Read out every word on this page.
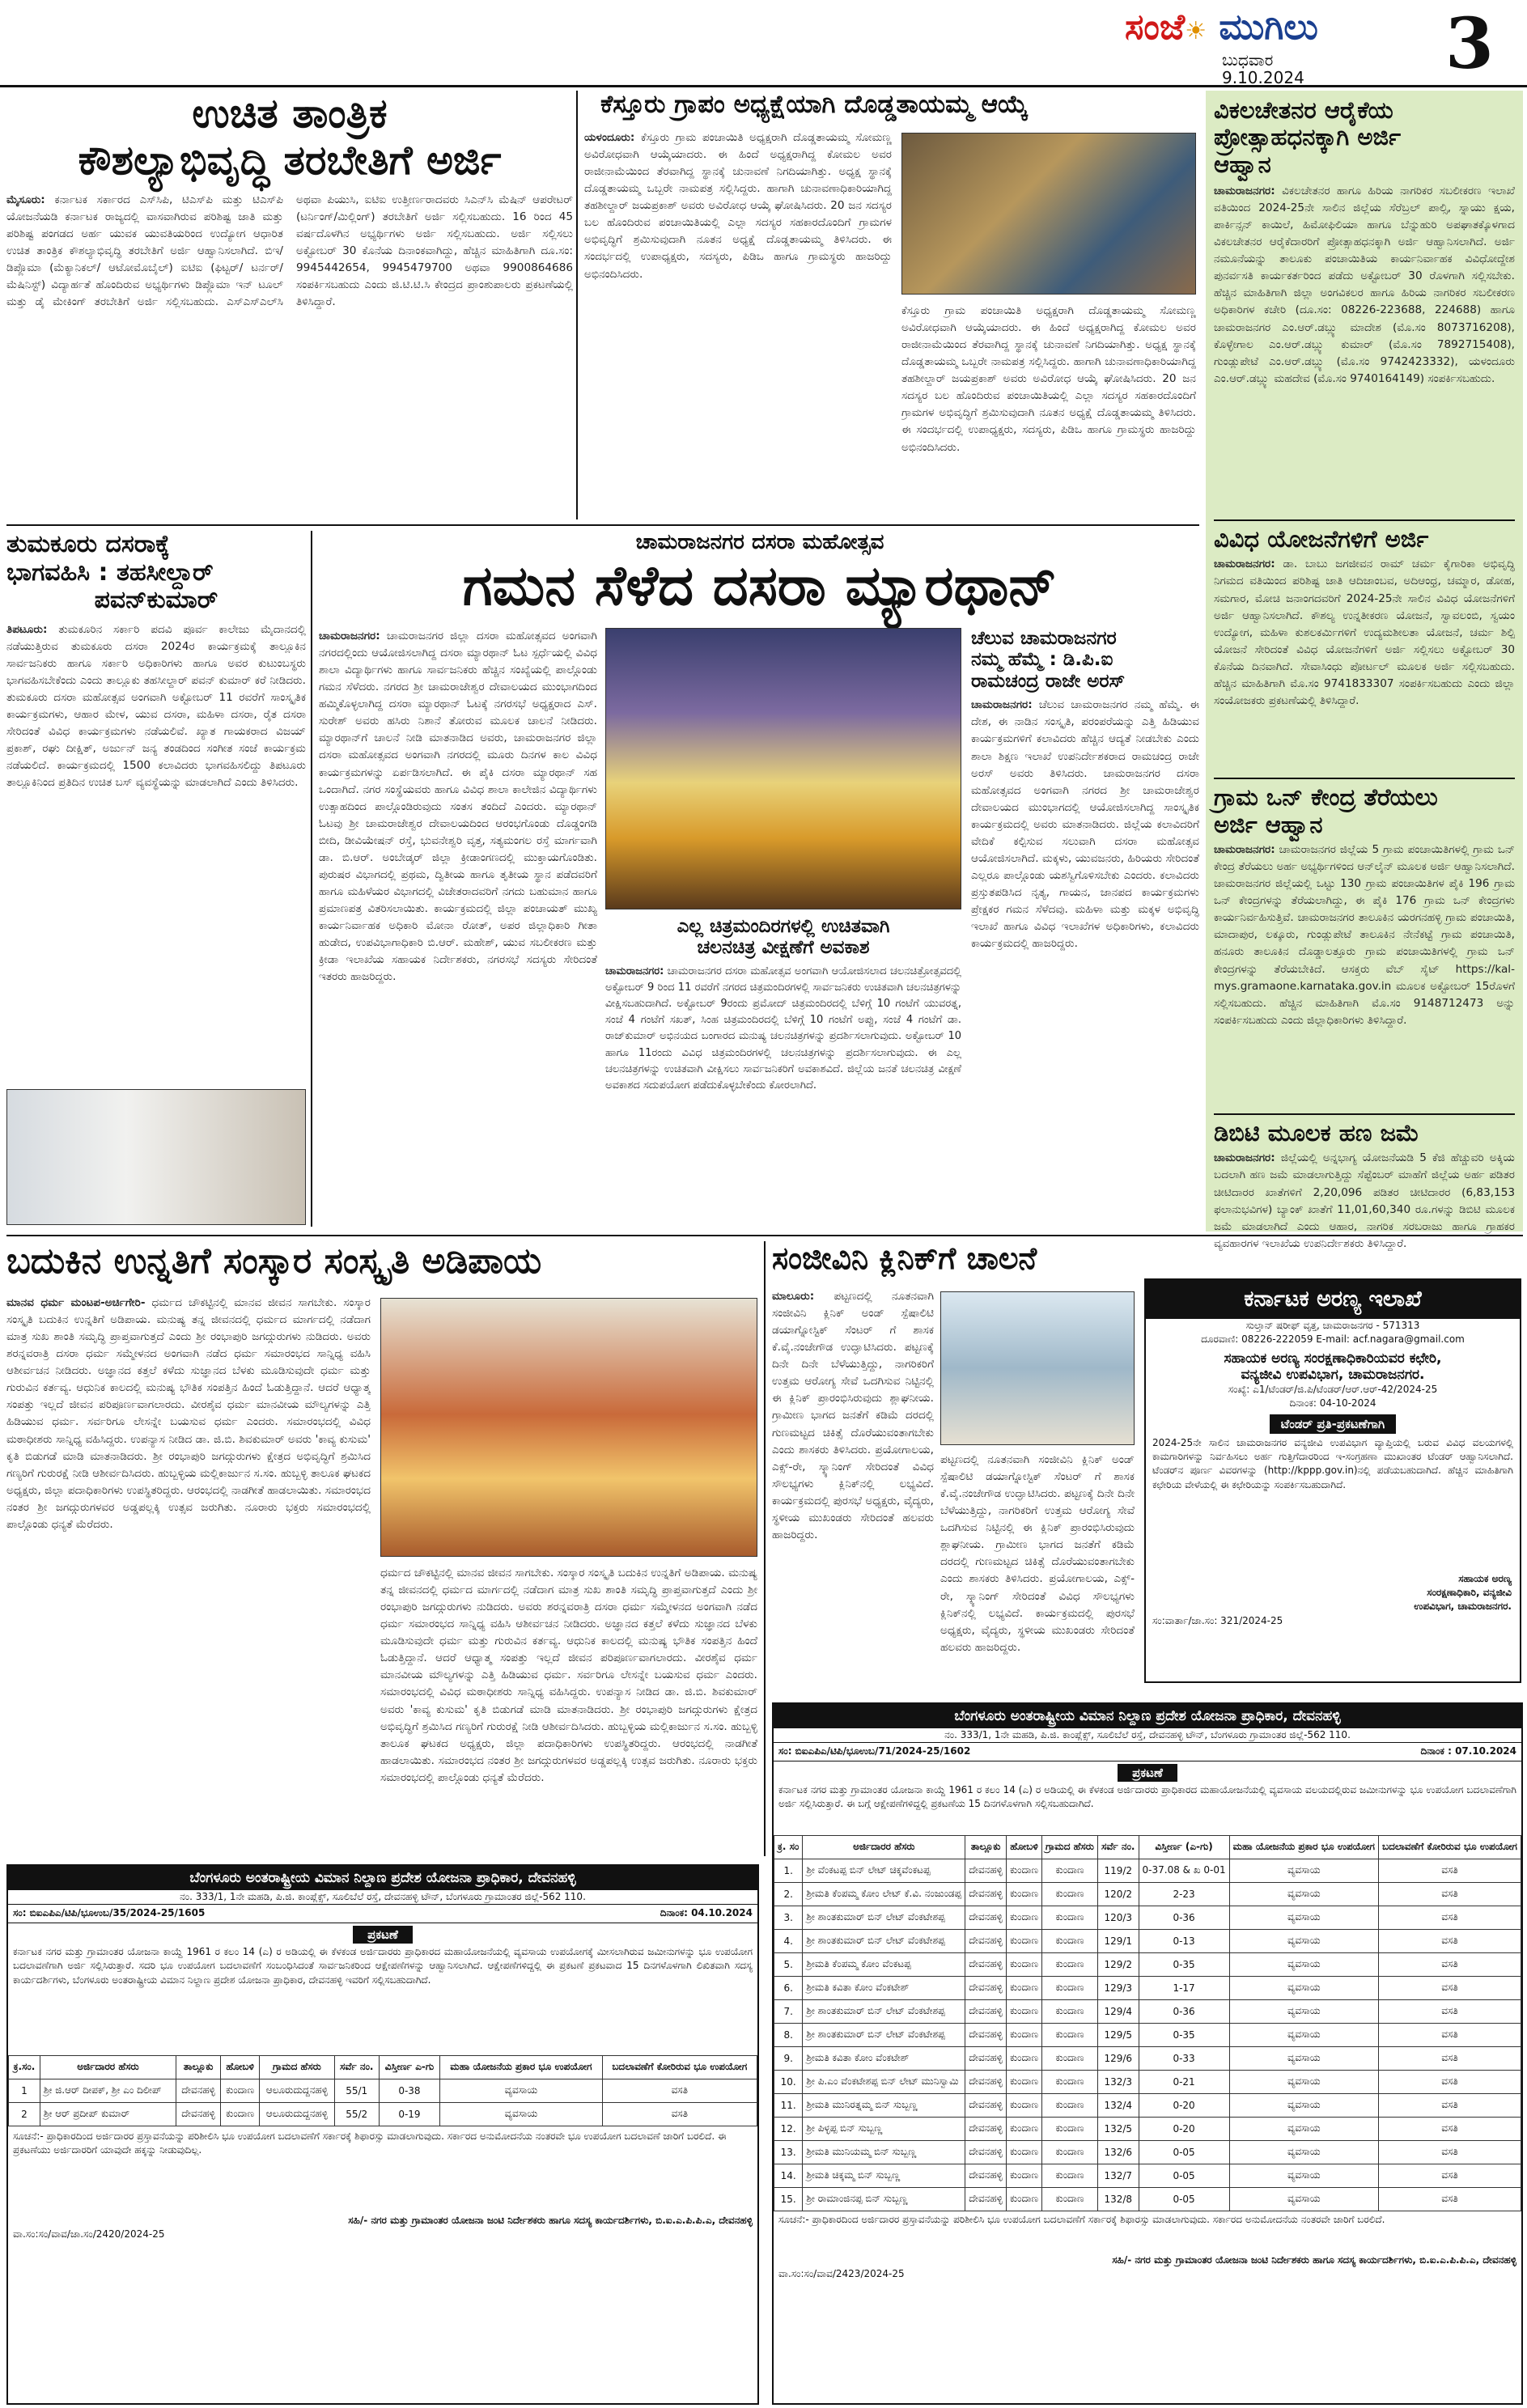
ಸಂಜೆ☀ ಮುಗಿಲು
ಬುಧವಾರ
9.10.2024 3
ಉಚಿತ ತಾಂತ್ರಿಕ
ಕೌಶಲ್ಯಾಭಿವೃದ್ಧಿ ತರಬೇತಿಗೆ ಅರ್ಜಿ
ಮೈಸೂರು: ಕರ್ನಾಟಕ ಸರ್ಕಾರದ ಎಸ್‌ಸಿಪಿ, ಟಿಎಸ್‌ಪಿ ಮತ್ತು ಟಿಎಸ್‌ಪಿ ಯೋಜನೆಯಡಿ ಕರ್ನಾಟಕ ರಾಜ್ಯದಲ್ಲಿ ವಾಸವಾಗಿರುವ ಪರಿಶಿಷ್ಟ ಜಾತಿ ಮತ್ತು ಪರಿಶಿಷ್ಟ ಪಂಗಡದ ಅರ್ಹ ಯುವಕ ಯುವತಿಯರಿಂದ ಉದ್ಯೋಗ ಆಧಾರಿತ ಉಚಿತ ತಾಂತ್ರಿಕ ಕೌಶಲ್ಯಾಭಿವೃದ್ಧಿ ತರಬೇತಿಗೆ ಅರ್ಜಿ ಆಹ್ವಾನಿಸಲಾಗಿದೆ. ಬಿಇ/ ಡಿಪ್ಲೊಮಾ (ಮೆಕ್ಯಾನಿಕಲ್/ ಆಟೋಮೊಬೈಲ್) ಐಟಿಐ (ಫಿಟ್ಟರ್/ ಟರ್ನರ್/ ಮೆಷಿನಿಸ್ಟ್) ವಿದ್ಯಾರ್ಹತೆ ಹೊಂದಿರುವ ಅಭ್ಯರ್ಥಿಗಳು ಡಿಪ್ಲೊಮಾ ಇನ್ ಟೂಲ್ ಮತ್ತು ಡೈ ಮೇಕಿಂಗ್ ತರಬೇತಿಗೆ ಅರ್ಜಿ ಸಲ್ಲಿಸಬಹುದು. ಎಸ್‌ಎಸ್‌ಎಲ್‌ಸಿ ಅಥವಾ ಪಿಯುಸಿ, ಐಟಿಐ ಉತ್ತೀರ್ಣರಾದವರು ಸಿಎನ್‌ಸಿ ಮೆಷಿನ್ ಆಪರೇಟರ್ (ಟರ್ನಿಂಗ್/ಮಿಲ್ಲಿಂಗ್) ತರಬೇತಿಗೆ ಅರ್ಜಿ ಸಲ್ಲಿಸಬಹುದು. 16 ರಿಂದ 45 ವರ್ಷದೊಳಗಿನ ಅಭ್ಯರ್ಥಿಗಳು ಅರ್ಜಿ ಸಲ್ಲಿಸಬಹುದು. ಅರ್ಜಿ ಸಲ್ಲಿಸಲು ಅಕ್ಟೋಬರ್ 30 ಕೊನೆಯ ದಿನಾಂಕವಾಗಿದ್ದು, ಹೆಚ್ಚಿನ ಮಾಹಿತಿಗಾಗಿ ದೂ.ಸಂ: 9945442654, 9945479700 ಅಥವಾ 9900864686 ಸಂಪರ್ಕಿಸಬಹುದು ಎಂದು ಜಿ.ಟಿ.ಟಿ.ಸಿ ಕೇಂದ್ರದ ಪ್ರಾಂಶುಪಾಲರು ಪ್ರಕಟಣೆಯಲ್ಲಿ ತಿಳಿಸಿದ್ದಾರೆ.
ಕೆಸ್ತೂರು ಗ್ರಾಪಂ ಅಧ್ಯಕ್ಷೆಯಾಗಿ ದೊಡ್ಡತಾಯಮ್ಮ ಆಯ್ಕೆ
ಯಳಂದೂರು: ಕೆಸ್ತೂರು ಗ್ರಾಮ ಪಂಚಾಯಿತಿ ಅಧ್ಯಕ್ಷರಾಗಿ ದೊಡ್ಡತಾಯಮ್ಮ ಸೋಮಣ್ಣ ಅವಿರೋಧವಾಗಿ ಆಯ್ಕೆಯಾದರು. ಈ ಹಿಂದೆ ಅಧ್ಯಕ್ಷರಾಗಿದ್ದ ಕೋಮಲ ಅವರ ರಾಜೀನಾಮೆಯಿಂದ ತೆರವಾಗಿದ್ದ ಸ್ಥಾನಕ್ಕೆ ಚುನಾವಣೆ ನಿಗದಿಯಾಗಿತ್ತು. ಅಧ್ಯಕ್ಷ ಸ್ಥಾನಕ್ಕೆ ದೊಡ್ಡತಾಯಮ್ಮ ಒಬ್ಬರೇ ನಾಮಪತ್ರ ಸಲ್ಲಿಸಿದ್ದರು. ಹಾಗಾಗಿ ಚುನಾವಣಾಧಿಕಾರಿಯಾಗಿದ್ದ ತಹಶೀಲ್ದಾರ್ ಜಯಪ್ರಕಾಶ್ ಅವರು ಅವಿರೋಧ ಆಯ್ಕೆ ಘೋಷಿಸಿದರು. 20 ಜನ ಸದಸ್ಯರ ಬಲ ಹೊಂದಿರುವ ಪಂಚಾಯಿತಿಯಲ್ಲಿ ಎಲ್ಲಾ ಸದಸ್ಯರ ಸಹಕಾರದೊಂದಿಗೆ ಗ್ರಾಮಗಳ ಅಭಿವೃದ್ಧಿಗೆ ಶ್ರಮಿಸುವುದಾಗಿ ನೂತನ ಅಧ್ಯಕ್ಷೆ ದೊಡ್ಡತಾಯಮ್ಮ ತಿಳಿಸಿದರು. ಈ ಸಂದರ್ಭದಲ್ಲಿ ಉಪಾಧ್ಯಕ್ಷರು, ಸದಸ್ಯರು, ಪಿಡಿಒ ಹಾಗೂ ಗ್ರಾಮಸ್ಥರು ಹಾಜರಿದ್ದು ಅಭಿನಂದಿಸಿದರು.
ಕೆಸ್ತೂರು ಗ್ರಾಮ ಪಂಚಾಯಿತಿ ಅಧ್ಯಕ್ಷರಾಗಿ ದೊಡ್ಡತಾಯಮ್ಮ ಸೋಮಣ್ಣ ಅವಿರೋಧವಾಗಿ ಆಯ್ಕೆಯಾದರು. ಈ ಹಿಂದೆ ಅಧ್ಯಕ್ಷರಾಗಿದ್ದ ಕೋಮಲ ಅವರ ರಾಜೀನಾಮೆಯಿಂದ ತೆರವಾಗಿದ್ದ ಸ್ಥಾನಕ್ಕೆ ಚುನಾವಣೆ ನಿಗದಿಯಾಗಿತ್ತು. ಅಧ್ಯಕ್ಷ ಸ್ಥಾನಕ್ಕೆ ದೊಡ್ಡತಾಯಮ್ಮ ಒಬ್ಬರೇ ನಾಮಪತ್ರ ಸಲ್ಲಿಸಿದ್ದರು. ಹಾಗಾಗಿ ಚುನಾವಣಾಧಿಕಾರಿಯಾಗಿದ್ದ ತಹಶೀಲ್ದಾರ್ ಜಯಪ್ರಕಾಶ್ ಅವರು ಅವಿರೋಧ ಆಯ್ಕೆ ಘೋಷಿಸಿದರು. 20 ಜನ ಸದಸ್ಯರ ಬಲ ಹೊಂದಿರುವ ಪಂಚಾಯಿತಿಯಲ್ಲಿ ಎಲ್ಲಾ ಸದಸ್ಯರ ಸಹಕಾರದೊಂದಿಗೆ ಗ್ರಾಮಗಳ ಅಭಿವೃದ್ಧಿಗೆ ಶ್ರಮಿಸುವುದಾಗಿ ನೂತನ ಅಧ್ಯಕ್ಷೆ ದೊಡ್ಡತಾಯಮ್ಮ ತಿಳಿಸಿದರು. ಈ ಸಂದರ್ಭದಲ್ಲಿ ಉಪಾಧ್ಯಕ್ಷರು, ಸದಸ್ಯರು, ಪಿಡಿಒ ಹಾಗೂ ಗ್ರಾಮಸ್ಥರು ಹಾಜರಿದ್ದು ಅಭಿನಂದಿಸಿದರು.
ವಿಕಲಚೇತನರ ಆರೈಕೆಯ
ಪ್ರೋತ್ಸಾಹಧನಕ್ಕಾಗಿ ಅರ್ಜಿ
ಆಹ್ವಾನ
ಚಾಮರಾಜನಗರ: ವಿಕಲಚೇತನರ ಹಾಗೂ ಹಿರಿಯ ನಾಗರಿಕರ ಸಬಲೀಕರಣ ಇಲಾಖೆ ವತಿಯಿಂದ 2024-25ನೇ ಸಾಲಿನ ಜಿಲ್ಲೆಯ ಸೆರೆಬ್ರಲ್ ಪಾಲ್ಸಿ, ಸ್ನಾಯು ಕ್ಷಯ, ಪಾರ್ಕಿನ್ಸನ್ ಕಾಯಿಲೆ, ಹಿಮೋಫಿಲಿಯಾ ಹಾಗೂ ಬೆನ್ನುಹುರಿ ಅಪಘಾತಕ್ಕೊಳಗಾದ ವಿಕಲಚೇತನರ ಆರೈಕೆದಾರರಿಗೆ ಪ್ರೋತ್ಸಾಹಧನಕ್ಕಾಗಿ ಅರ್ಜಿ ಆಹ್ವಾನಿಸಲಾಗಿದೆ. ಅರ್ಜಿ ನಮೂನೆಯನ್ನು ತಾಲೂಕು ಪಂಚಾಯಿತಿಯ ಕಾರ್ಯನಿರ್ವಾಹಕ ವಿವಿಧೋದ್ದೇಶ ಪುನರ್ವಸತಿ ಕಾರ್ಯಕರ್ತರಿಂದ ಪಡೆದು ಅಕ್ಟೋಬರ್ 30 ರೊಳಗಾಗಿ ಸಲ್ಲಿಸಬೇಕು. ಹೆಚ್ಚಿನ ಮಾಹಿತಿಗಾಗಿ ಜಿಲ್ಲಾ ಅಂಗವಿಕಲರ ಹಾಗೂ ಹಿರಿಯ ನಾಗರಿಕರ ಸಬಲೀಕರಣ ಅಧಿಕಾರಿಗಳ ಕಚೇರಿ (ದೂ.ಸಂ: 08226-223688, 224688) ಹಾಗೂ ಚಾಮರಾಜನಗರ ಎಂ.ಆರ್.ಡಬ್ಲ್ಯು ಮಾದೇಶ (ಮೊ.ಸಂ 8073716208), ಕೊಳ್ಳೇಗಾಲ ಎಂ.ಆರ್.ಡಬ್ಲ್ಯು ಕುಮಾರ್ (ಮೊ.ಸಂ 7892715408), ಗುಂಡ್ಲುಪೇಟೆ ಎಂ.ಆರ್.ಡಬ್ಲ್ಯು (ಮೊ.ಸಂ 9742423332), ಯಳಂದೂರು ಎಂ.ಆರ್.ಡಬ್ಲ್ಯು ಮಹದೇವ (ಮೊ.ಸಂ 9740164149) ಸಂಪರ್ಕಿಸಬಹುದು.
ವಿವಿಧ ಯೋಜನೆಗಳಿಗೆ ಅರ್ಜಿ
ಚಾಮರಾಜನಗರ: ಡಾ. ಬಾಬು ಜಗಜೀವನ ರಾಮ್ ಚರ್ಮ ಕೈಗಾರಿಕಾ ಅಭಿವೃದ್ಧಿ ನಿಗಮದ ವತಿಯಿಂದ ಪರಿಶಿಷ್ಟ ಜಾತಿ ಆದಿಜಾಂಬವ, ಅದಿಆಂಧ್ರ, ಚಮ್ಮಾರ, ಡೋಹ, ಸಮಗಾರ, ಮೋಚಿ ಜನಾಂಗದವರಿಗೆ 2024-25ನೇ ಸಾಲಿನ ವಿವಿಧ ಯೋಜನೆಗಳಿಗೆ ಅರ್ಜಿ ಆಹ್ವಾನಿಸಲಾಗಿದೆ. ಕೌಶಲ್ಯ ಉನ್ನತೀಕರಣ ಯೋಜನೆ, ಸ್ವಾವಲಂಬಿ, ಸ್ವಯಂ ಉದ್ಯೋಗ, ಮಹಿಳಾ ಕುಶಲಕರ್ಮಿಗಳಿಗೆ ಉದ್ಯಮಶೀಲತಾ ಯೋಜನೆ, ಚರ್ಮ ಶಿಲ್ಪಿ ಯೋಜನೆ ಸೇರಿದಂತೆ ವಿವಿಧ ಯೋಜನೆಗಳಿಗೆ ಅರ್ಜಿ ಸಲ್ಲಿಸಲು ಅಕ್ಟೋಬರ್ 30 ಕೊನೆಯ ದಿನವಾಗಿದೆ. ಸೇವಾಸಿಂಧು ಪೋರ್ಟಲ್ ಮೂಲಕ ಅರ್ಜಿ ಸಲ್ಲಿಸಬಹುದು. ಹೆಚ್ಚಿನ ಮಾಹಿತಿಗಾಗಿ ಮೊ.ಸಂ 9741833307 ಸಂಪರ್ಕಿಸಬಹುದು ಎಂದು ಜಿಲ್ಲಾ ಸಂಯೋಜಕರು ಪ್ರಕಟಣೆಯಲ್ಲಿ ತಿಳಿಸಿದ್ದಾರೆ.
ಗ್ರಾಮ ಒನ್ ಕೇಂದ್ರ ತೆರೆಯಲು
ಅರ್ಜಿ ಆಹ್ವಾನ
ಚಾಮರಾಜನಗರ: ಚಾಮರಾಜನಗರ ಜಿಲ್ಲೆಯ 5 ಗ್ರಾಮ ಪಂಚಾಯಿತಿಗಳಲ್ಲಿ ಗ್ರಾಮ ಒನ್ ಕೇಂದ್ರ ತೆರೆಯಲು ಅರ್ಹ ಅಭ್ಯರ್ಥಿಗಳಿಂದ ಆನ್‌ಲೈನ್ ಮೂಲಕ ಅರ್ಜಿ ಆಹ್ವಾನಿಸಲಾಗಿದೆ. ಚಾಮರಾಜನಗರ ಜಿಲ್ಲೆಯಲ್ಲಿ ಒಟ್ಟು 130 ಗ್ರಾಮ ಪಂಚಾಯಿತಿಗಳ ಪೈಕಿ 196 ಗ್ರಾಮ ಒನ್ ಕೇಂದ್ರಗಳನ್ನು ತೆರೆಯಲಾಗಿದ್ದು, ಈ ಪೈಕಿ 176 ಗ್ರಾಮ ಒನ್ ಕೇಂದ್ರಗಳು ಕಾರ್ಯನಿರ್ವಹಿಸುತ್ತಿವೆ. ಚಾಮರಾಜನಗರ ತಾಲೂಕಿನ ಯರಗನಹಳ್ಳಿ ಗ್ರಾಮ ಪಂಚಾಯಿತಿ, ಮಾದಾಪುರ, ಲಕ್ಕೂರು, ಗುಂಡ್ಲುಪೇಟೆ ತಾಲೂಕಿನ ನೇನೆಕಟ್ಟೆ ಗ್ರಾಮ ಪಂಚಾಯಿತಿ, ಹನೂರು ತಾಲೂಕಿನ ದೊಡ್ಡಾಲತ್ತೂರು ಗ್ರಾಮ ಪಂಚಾಯಿತಿಗಳಲ್ಲಿ ಗ್ರಾಮ ಒನ್ ಕೇಂದ್ರಗಳನ್ನು ತೆರೆಯಬೇಕಿದೆ. ಆಸಕ್ತರು ವೆಬ್ ಸೈಟ್ https://kal-mys.gramaone.karnataka.gov.in ಮೂಲಕ ಅಕ್ಟೋಬರ್ 15ರೊಳಗೆ ಸಲ್ಲಿಸಬಹುದು. ಹೆಚ್ಚಿನ ಮಾಹಿತಿಗಾಗಿ ಮೊ.ಸಂ 9148712473 ಅನ್ನು ಸಂಪರ್ಕಿಸಬಹುದು ಎಂದು ಜಿಲ್ಲಾಧಿಕಾರಿಗಳು ತಿಳಿಸಿದ್ದಾರೆ.
ಡಿಬಿಟಿ ಮೂಲಕ ಹಣ ಜಮೆ
ಚಾಮರಾಜನಗರ: ಜಿಲ್ಲೆಯಲ್ಲಿ ಅನ್ನಭಾಗ್ಯ ಯೋಜನೆಯಡಿ 5 ಕೆಜಿ ಹೆಚ್ಚುವರಿ ಅಕ್ಕಿಯ ಬದಲಾಗಿ ಹಣ ಜಮೆ ಮಾಡಲಾಗುತ್ತಿದ್ದು ಸೆಪ್ಟೆಂಬರ್ ಮಾಹೆಗೆ ಜಿಲ್ಲೆಯ ಅರ್ಹ ಪಡಿತರ ಚೀಟಿದಾರರ ಖಾತೆಗಳಿಗೆ 2,20,096 ಪಡಿತರ ಚೀಟಿದಾರರ (6,83,153 ಫಲಾನುಭವಿಗಳ) ಬ್ಯಾಂಕ್ ಖಾತೆಗೆ 11,01,60,340 ರೂ.ಗಳನ್ನು ಡಿಬಿಟಿ ಮೂಲಕ ಜಮೆ ಮಾಡಲಾಗಿದೆ ಎಂದು ಆಹಾರ, ನಾಗರಿಕ ಸರಬರಾಜು ಹಾಗೂ ಗ್ರಾಹಕರ ವ್ಯವಹಾರಗಳ ಇಲಾಖೆಯ ಉಪನಿರ್ದೇಶಕರು ತಿಳಿಸಿದ್ದಾರೆ.
ತುಮಕೂರು ದಸರಾಕ್ಕೆ
ಭಾಗವಹಿಸಿ : ತಹಸೀಲ್ದಾರ್
ಪವನ್‌ಕುಮಾರ್
ತಿಪಟೂರು: ತುಮಕೂರಿನ ಸರ್ಕಾರಿ ಪದವಿ ಪೂರ್ವ ಕಾಲೇಜು ಮೈದಾನದಲ್ಲಿ ನಡೆಯುತ್ತಿರುವ ತುಮಕೂರು ದಸರಾ 2024ರ ಕಾರ್ಯಕ್ರಮಕ್ಕೆ ತಾಲ್ಲೂಕಿನ ಸಾರ್ವಜನಿಕರು ಹಾಗೂ ಸರ್ಕಾರಿ ಅಧಿಕಾರಿಗಳು ಹಾಗೂ ಅವರ ಕುಟುಂಬಸ್ಥರು ಭಾಗವಹಿಸಬೇಕೆಂದು ಎಂದು ತಾಲ್ಲೂಕು ತಹಸೀಲ್ದಾರ್ ಪವನ್ ಕುಮಾರ್ ಕರೆ ನೀಡಿದರು. ತುಮಕೂರು ದಸರಾ ಮಹೋತ್ಸವ ಅಂಗವಾಗಿ ಅಕ್ಟೋಬರ್ 11 ರವರೆಗೆ ಸಾಂಸ್ಕೃತಿಕ ಕಾರ್ಯಕ್ರಮಗಳು, ಆಹಾರ ಮೇಳ, ಯುವ ದಸರಾ, ಮಹಿಳಾ ದಸರಾ, ರೈತ ದಸರಾ ಸೇರಿದಂತೆ ವಿವಿಧ ಕಾರ್ಯಕ್ರಮಗಳು ನಡೆಯಲಿವೆ. ಖ್ಯಾತ ಗಾಯಕರಾದ ವಿಜಯ್ ಪ್ರಕಾಶ್, ರಘು ದೀಕ್ಷಿತ್, ಅರ್ಜುನ್ ಜನ್ಯ ತಂಡದಿಂದ ಸಂಗೀತ ಸಂಜೆ ಕಾರ್ಯಕ್ರಮ ನಡೆಯಲಿದೆ. ಕಾರ್ಯಕ್ರಮದಲ್ಲಿ 1500 ಕಲಾವಿದರು ಭಾಗವಹಿಸಲಿದ್ದು ತಿಪಟೂರು ತಾಲ್ಲೂಕಿನಿಂದ ಪ್ರತಿದಿನ ಉಚಿತ ಬಸ್ ವ್ಯವಸ್ಥೆಯನ್ನು ಮಾಡಲಾಗಿದೆ ಎಂದು ತಿಳಿಸಿದರು.
ಚಾಮರಾಜನಗರ ದಸರಾ ಮಹೋತ್ಸವ
ಗಮನ ಸೆಳೆದ ದಸರಾ ಮ್ಯಾರಥಾನ್
ಚಾಮರಾಜನಗರ: ಚಾಮರಾಜನಗರ ಜಿಲ್ಲಾ ದಸರಾ ಮಹೋತ್ಸವದ ಅಂಗವಾಗಿ ನಗರದಲ್ಲಿಂದು ಆಯೋಜಿಸಲಾಗಿದ್ದ ದಸರಾ ಮ್ಯಾರಥಾನ್ ಓಟ ಸ್ಪರ್ಧೆಯಲ್ಲಿ ವಿವಿಧ ಶಾಲಾ ವಿದ್ಯಾರ್ಥಿಗಳು ಹಾಗೂ ಸಾರ್ವಜನಿಕರು ಹೆಚ್ಚಿನ ಸಂಖ್ಯೆಯಲ್ಲಿ ಪಾಲ್ಗೊಂಡು ಗಮನ ಸೆಳೆದರು. ನಗರದ ಶ್ರೀ ಚಾಮರಾಜೇಶ್ವರ ದೇವಾಲಯದ ಮುಂಭಾಗದಿಂದ ಹಮ್ಮಿಕೊಳ್ಳಲಾಗಿದ್ದ ದಸರಾ ಮ್ಯಾರಥಾನ್ ಓಟಕ್ಕೆ ನಗರಸಭೆ ಅಧ್ಯಕ್ಷರಾದ ಎಸ್. ಸುರೇಶ್ ಅವರು ಹಸಿರು ನಿಶಾನೆ ತೋರುವ ಮೂಲಕ ಚಾಲನೆ ನೀಡಿದರು. ಮ್ಯಾರಥಾನ್‌ಗೆ ಚಾಲನೆ ನೀಡಿ ಮಾತನಾಡಿದ ಅವರು, ಚಾಮರಾಜನಗರ ಜಿಲ್ಲಾ ದಸರಾ ಮಹೋತ್ಸವದ ಅಂಗವಾಗಿ ನಗರದಲ್ಲಿ ಮೂರು ದಿನಗಳ ಕಾಲ ವಿವಿಧ ಕಾರ್ಯಕ್ರಮಗಳನ್ನು ಏರ್ಪಡಿಸಲಾಗಿದೆ. ಈ ಪೈಕಿ ದಸರಾ ಮ್ಯಾರಥಾನ್ ಸಹ ಒಂದಾಗಿದೆ. ನಗರ ಸಂಸ್ಥೆಯವರು ಹಾಗೂ ವಿವಿಧ ಶಾಲಾ ಕಾಲೇಜಿನ ವಿದ್ಯಾರ್ಥಿಗಳು ಉತ್ಸಾಹದಿಂದ ಪಾಲ್ಗೊಂಡಿರುವುದು ಸಂತಸ ತಂದಿದೆ ಎಂದರು. ಮ್ಯಾರಥಾನ್ ಓಟವು ಶ್ರೀ ಚಾಮರಾಜೇಶ್ವರ ದೇವಾಲಯದಿಂದ ಆರಂಭಗೊಂಡು ದೊಡ್ಡಂಗಡಿ ಬೀದಿ, ಡೀವಿಯೇಷನ್ ರಸ್ತೆ, ಭುವನೇಶ್ವರಿ ವೃತ್ತ, ಸತ್ಯಮಂಗಲ ರಸ್ತೆ ಮಾರ್ಗವಾಗಿ ಡಾ. ಬಿ.ಆರ್. ಅಂಬೇಡ್ಕರ್ ಜಿಲ್ಲಾ ಕ್ರೀಡಾಂಗಣದಲ್ಲಿ ಮುಕ್ತಾಯಗೊಂಡಿತು. ಪುರುಷರ ವಿಭಾಗದಲ್ಲಿ ಪ್ರಥಮ, ದ್ವಿತೀಯ ಹಾಗೂ ತೃತೀಯ ಸ್ಥಾನ ಪಡೆದವರಿಗೆ ಹಾಗೂ ಮಹಿಳೆಯರ ವಿಭಾಗದಲ್ಲಿ ವಿಜೇತರಾದವರಿಗೆ ನಗದು ಬಹುಮಾನ ಹಾಗೂ ಪ್ರಮಾಣಪತ್ರ ವಿತರಿಸಲಾಯಿತು. ಕಾರ್ಯಕ್ರಮದಲ್ಲಿ ಜಿಲ್ಲಾ ಪಂಚಾಯತ್ ಮುಖ್ಯ ಕಾರ್ಯನಿರ್ವಾಹಕ ಅಧಿಕಾರಿ ಮೋನಾ ರೋತ್, ಅಪರ ಜಿಲ್ಲಾಧಿಕಾರಿ ಗೀತಾ ಹುಡೇದ, ಉಪವಿಭಾಗಾಧಿಕಾರಿ ಬಿ.ಆರ್. ಮಹೇಶ್, ಯುವ ಸಬಲೀಕರಣ ಮತ್ತು ಕ್ರೀಡಾ ಇಲಾಖೆಯ ಸಹಾಯಕ ನಿರ್ದೇಶಕರು, ನಗರಸಭೆ ಸದಸ್ಯರು ಸೇರಿದಂತೆ ಇತರರು ಹಾಜರಿದ್ದರು.
ಎಲ್ಲ ಚಿತ್ರಮಂದಿರಗಳಲ್ಲಿ ಉಚಿತವಾಗಿ
ಚಲನಚಿತ್ರ ವೀಕ್ಷಣೆಗೆ ಅವಕಾಶ
ಚಾಮರಾಜನಗರ: ಚಾಮರಾಜನಗರ ದಸರಾ ಮಹೋತ್ಸವ ಅಂಗವಾಗಿ ಆಯೋಜಿಸಲಾದ ಚಲನಚಿತ್ರೋತ್ಸವದಲ್ಲಿ ಅಕ್ಟೋಬರ್ 9 ರಿಂದ 11 ರವರೆಗೆ ನಗರದ ಚಿತ್ರಮಂದಿರಗಳಲ್ಲಿ ಸಾರ್ವಜನಿಕರು ಉಚಿತವಾಗಿ ಚಲನಚಿತ್ರಗಳನ್ನು ವೀಕ್ಷಿಸಬಹುದಾಗಿದೆ. ಅಕ್ಟೋಬರ್ 9ರಂದು ಪ್ರಮೋದ್ ಚಿತ್ರಮಂದಿರದಲ್ಲಿ ಬೆಳಿಗ್ಗೆ 10 ಗಂಟೆಗೆ ಯುವರತ್ನ, ಸಂಜೆ 4 ಗಂಟೆಗೆ ಸಖತ್, ಸಿಂಹ ಚಿತ್ರಮಂದಿರದಲ್ಲಿ ಬೆಳಿಗ್ಗೆ 10 ಗಂಟೆಗೆ ಅಪ್ಪು, ಸಂಜೆ 4 ಗಂಟೆಗೆ ಡಾ. ರಾಜ್‌ಕುಮಾರ್ ಅಭಿನಯದ ಬಂಗಾರದ ಮನುಷ್ಯ ಚಲನಚಿತ್ರಗಳನ್ನು ಪ್ರದರ್ಶಿಸಲಾಗುವುದು. ಅಕ್ಟೋಬರ್ 10 ಹಾಗೂ 11ರಂದು ವಿವಿಧ ಚಿತ್ರಮಂದಿರಗಳಲ್ಲಿ ಚಲನಚಿತ್ರಗಳನ್ನು ಪ್ರದರ್ಶಿಸಲಾಗುವುದು. ಈ ಎಲ್ಲ ಚಲನಚಿತ್ರಗಳನ್ನು ಉಚಿತವಾಗಿ ವೀಕ್ಷಿಸಲು ಸಾರ್ವಜನಿಕರಿಗೆ ಅವಕಾಶವಿದೆ. ಜಿಲ್ಲೆಯ ಜನತೆ ಚಲನಚಿತ್ರ ವೀಕ್ಷಣೆ ಅವಕಾಶದ ಸದುಪಯೋಗ ಪಡೆದುಕೊಳ್ಳಬೇಕೆಂದು ಕೋರಲಾಗಿದೆ.
ಚೆಲುವ ಚಾಮರಾಜನಗರ
ನಮ್ಮ ಹೆಮ್ಮೆ : ಡಿ.ಪಿ.ಐ
ರಾಮಚಂದ್ರ ರಾಜೇ ಅರಸ್
ಚಾಮರಾಜನಗರ: ಚೆಲುವ ಚಾಮರಾಜನಗರ ನಮ್ಮ ಹೆಮ್ಮೆ. ಈ ದೇಶ, ಈ ನಾಡಿನ ಸಂಸ್ಕೃತಿ, ಪರಂಪರೆಯನ್ನು ಎತ್ತಿ ಹಿಡಿಯುವ ಕಾರ್ಯಕ್ರಮಗಳಿಗೆ ಕಲಾವಿದರು ಹೆಚ್ಚಿನ ಆದ್ಯತೆ ನೀಡಬೇಕು ಎಂದು ಶಾಲಾ ಶಿಕ್ಷಣ ಇಲಾಖೆ ಉಪನಿರ್ದೇಶಕರಾದ ರಾಮಚಂದ್ರ ರಾಜೇ ಅರಸ್ ಅವರು ತಿಳಿಸಿದರು. ಚಾಮರಾಜನಗರ ದಸರಾ ಮಹೋತ್ಸವದ ಅಂಗವಾಗಿ ನಗರದ ಶ್ರೀ ಚಾಮರಾಜೇಶ್ವರ ದೇವಾಲಯದ ಮುಂಭಾಗದಲ್ಲಿ ಆಯೋಜಿಸಲಾಗಿದ್ದ ಸಾಂಸ್ಕೃತಿಕ ಕಾರ್ಯಕ್ರಮದಲ್ಲಿ ಅವರು ಮಾತನಾಡಿದರು. ಜಿಲ್ಲೆಯ ಕಲಾವಿದರಿಗೆ ವೇದಿಕೆ ಕಲ್ಪಿಸುವ ಸಲುವಾಗಿ ದಸರಾ ಮಹೋತ್ಸವ ಆಯೋಜಿಸಲಾಗಿದೆ. ಮಕ್ಕಳು, ಯುವಜನರು, ಹಿರಿಯರು ಸೇರಿದಂತೆ ಎಲ್ಲರೂ ಪಾಲ್ಗೊಂಡು ಯಶಸ್ವಿಗೊಳಿಸಬೇಕು ಎಂದರು. ಕಲಾವಿದರು ಪ್ರಸ್ತುತಪಡಿಸಿದ ನೃತ್ಯ, ಗಾಯನ, ಜಾನಪದ ಕಾರ್ಯಕ್ರಮಗಳು ಪ್ರೇಕ್ಷಕರ ಗಮನ ಸೆಳೆದವು. ಮಹಿಳಾ ಮತ್ತು ಮಕ್ಕಳ ಅಭಿವೃದ್ಧಿ ಇಲಾಖೆ ಹಾಗೂ ವಿವಿಧ ಇಲಾಖೆಗಳ ಅಧಿಕಾರಿಗಳು, ಕಲಾವಿದರು ಕಾರ್ಯಕ್ರಮದಲ್ಲಿ ಹಾಜರಿದ್ದರು.
ಬದುಕಿನ ಉನ್ನತಿಗೆ ಸಂಸ್ಕಾರ ಸಂಸ್ಕೃತಿ ಅಡಿಪಾಯ
ಮಾನವ ಧರ್ಮ ಮಂಟಪ-ಅರ್ಚಿಗೇರಿ- ಧರ್ಮದ ಚೌಕಟ್ಟಿನಲ್ಲಿ ಮಾನವ ಜೀವನ ಸಾಗಬೇಕು. ಸಂಸ್ಕಾರ ಸಂಸ್ಕೃತಿ ಬದುಕಿನ ಉನ್ನತಿಗೆ ಅಡಿಪಾಯ. ಮನುಷ್ಯ ತನ್ನ ಜೀವನದಲ್ಲಿ ಧರ್ಮದ ಮಾರ್ಗದಲ್ಲಿ ನಡೆದಾಗ ಮಾತ್ರ ಸುಖ ಶಾಂತಿ ಸಮೃದ್ಧಿ ಪ್ರಾಪ್ತವಾಗುತ್ತದೆ ಎಂದು ಶ್ರೀ ರಂಭಾಪುರಿ ಜಗದ್ಗುರುಗಳು ನುಡಿದರು. ಅವರು ಶರನ್ನವರಾತ್ರಿ ದಸರಾ ಧರ್ಮ ಸಮ್ಮೇಳನದ ಅಂಗವಾಗಿ ನಡೆದ ಧರ್ಮ ಸಮಾರಂಭದ ಸಾನ್ನಿಧ್ಯ ವಹಿಸಿ ಆಶೀರ್ವಚನ ನೀಡಿದರು. ಅಜ್ಞಾನದ ಕತ್ತಲೆ ಕಳೆದು ಸುಜ್ಞಾನದ ಬೆಳಕು ಮೂಡಿಸುವುದೇ ಧರ್ಮ ಮತ್ತು ಗುರುವಿನ ಕರ್ತವ್ಯ. ಆಧುನಿಕ ಕಾಲದಲ್ಲಿ ಮನುಷ್ಯ ಭೌತಿಕ ಸಂಪತ್ತಿನ ಹಿಂದೆ ಓಡುತ್ತಿದ್ದಾನೆ. ಆದರೆ ಆಧ್ಯಾತ್ಮ ಸಂಪತ್ತು ಇಲ್ಲದೆ ಜೀವನ ಪರಿಪೂರ್ಣವಾಗಲಾರದು. ವೀರಶೈವ ಧರ್ಮ ಮಾನವೀಯ ಮೌಲ್ಯಗಳನ್ನು ಎತ್ತಿ ಹಿಡಿಯುವ ಧರ್ಮ. ಸರ್ವರಿಗೂ ಲೇಸನ್ನೇ ಬಯಸುವ ಧರ್ಮ ಎಂದರು. ಸಮಾರಂಭದಲ್ಲಿ ವಿವಿಧ ಮಠಾಧೀಶರು ಸಾನ್ನಿಧ್ಯ ವಹಿಸಿದ್ದರು. ಉಪನ್ಯಾಸ ನೀಡಿದ ಡಾ. ಜಿ.ಬಿ. ಶಿವಕುಮಾರ್ ಅವರು 'ಕಾವ್ಯ ಕುಸುಮ' ಕೃತಿ ಬಿಡುಗಡೆ ಮಾಡಿ ಮಾತನಾಡಿದರು. ಶ್ರೀ ರಂಭಾಪುರಿ ಜಗದ್ಗುರುಗಳು ಕ್ಷೇತ್ರದ ಅಭಿವೃದ್ಧಿಗೆ ಶ್ರಮಿಸಿದ ಗಣ್ಯರಿಗೆ ಗುರುರಕ್ಷೆ ನೀಡಿ ಆಶೀರ್ವದಿಸಿದರು. ಹುಬ್ಬಳ್ಳಿಯ ಮಲ್ಲಿಕಾರ್ಜುನ ಸ.ಸಂ. ಹುಬ್ಬಳ್ಳಿ ತಾಲೂಕ ಘಟಕದ ಅಧ್ಯಕ್ಷರು, ಜಿಲ್ಲಾ ಪದಾಧಿಕಾರಿಗಳು ಉಪಸ್ಥಿತರಿದ್ದರು. ಆರಂಭದಲ್ಲಿ ನಾಡಗೀತೆ ಹಾಡಲಾಯಿತು. ಸಮಾರಂಭದ ನಂತರ ಶ್ರೀ ಜಗದ್ಗುರುಗಳವರ ಅಡ್ಡಪಲ್ಲಕ್ಕಿ ಉತ್ಸವ ಜರುಗಿತು. ನೂರಾರು ಭಕ್ತರು ಸಮಾರಂಭದಲ್ಲಿ ಪಾಲ್ಗೊಂಡು ಧನ್ಯತೆ ಮೆರೆದರು.
ಧರ್ಮದ ಚೌಕಟ್ಟಿನಲ್ಲಿ ಮಾನವ ಜೀವನ ಸಾಗಬೇಕು. ಸಂಸ್ಕಾರ ಸಂಸ್ಕೃತಿ ಬದುಕಿನ ಉನ್ನತಿಗೆ ಅಡಿಪಾಯ. ಮನುಷ್ಯ ತನ್ನ ಜೀವನದಲ್ಲಿ ಧರ್ಮದ ಮಾರ್ಗದಲ್ಲಿ ನಡೆದಾಗ ಮಾತ್ರ ಸುಖ ಶಾಂತಿ ಸಮೃದ್ಧಿ ಪ್ರಾಪ್ತವಾಗುತ್ತದೆ ಎಂದು ಶ್ರೀ ರಂಭಾಪುರಿ ಜಗದ್ಗುರುಗಳು ನುಡಿದರು. ಅವರು ಶರನ್ನವರಾತ್ರಿ ದಸರಾ ಧರ್ಮ ಸಮ್ಮೇಳನದ ಅಂಗವಾಗಿ ನಡೆದ ಧರ್ಮ ಸಮಾರಂಭದ ಸಾನ್ನಿಧ್ಯ ವಹಿಸಿ ಆಶೀರ್ವಚನ ನೀಡಿದರು. ಅಜ್ಞಾನದ ಕತ್ತಲೆ ಕಳೆದು ಸುಜ್ಞಾನದ ಬೆಳಕು ಮೂಡಿಸುವುದೇ ಧರ್ಮ ಮತ್ತು ಗುರುವಿನ ಕರ್ತವ್ಯ. ಆಧುನಿಕ ಕಾಲದಲ್ಲಿ ಮನುಷ್ಯ ಭೌತಿಕ ಸಂಪತ್ತಿನ ಹಿಂದೆ ಓಡುತ್ತಿದ್ದಾನೆ. ಆದರೆ ಆಧ್ಯಾತ್ಮ ಸಂಪತ್ತು ಇಲ್ಲದೆ ಜೀವನ ಪರಿಪೂರ್ಣವಾಗಲಾರದು. ವೀರಶೈವ ಧರ್ಮ ಮಾನವೀಯ ಮೌಲ್ಯಗಳನ್ನು ಎತ್ತಿ ಹಿಡಿಯುವ ಧರ್ಮ. ಸರ್ವರಿಗೂ ಲೇಸನ್ನೇ ಬಯಸುವ ಧರ್ಮ ಎಂದರು. ಸಮಾರಂಭದಲ್ಲಿ ವಿವಿಧ ಮಠಾಧೀಶರು ಸಾನ್ನಿಧ್ಯ ವಹಿಸಿದ್ದರು. ಉಪನ್ಯಾಸ ನೀಡಿದ ಡಾ. ಜಿ.ಬಿ. ಶಿವಕುಮಾರ್ ಅವರು 'ಕಾವ್ಯ ಕುಸುಮ' ಕೃತಿ ಬಿಡುಗಡೆ ಮಾಡಿ ಮಾತನಾಡಿದರು. ಶ್ರೀ ರಂಭಾಪುರಿ ಜಗದ್ಗುರುಗಳು ಕ್ಷೇತ್ರದ ಅಭಿವೃದ್ಧಿಗೆ ಶ್ರಮಿಸಿದ ಗಣ್ಯರಿಗೆ ಗುರುರಕ್ಷೆ ನೀಡಿ ಆಶೀರ್ವದಿಸಿದರು. ಹುಬ್ಬಳ್ಳಿಯ ಮಲ್ಲಿಕಾರ್ಜುನ ಸ.ಸಂ. ಹುಬ್ಬಳ್ಳಿ ತಾಲೂಕ ಘಟಕದ ಅಧ್ಯಕ್ಷರು, ಜಿಲ್ಲಾ ಪದಾಧಿಕಾರಿಗಳು ಉಪಸ್ಥಿತರಿದ್ದರು. ಆರಂಭದಲ್ಲಿ ನಾಡಗೀತೆ ಹಾಡಲಾಯಿತು. ಸಮಾರಂಭದ ನಂತರ ಶ್ರೀ ಜಗದ್ಗುರುಗಳವರ ಅಡ್ಡಪಲ್ಲಕ್ಕಿ ಉತ್ಸವ ಜರುಗಿತು. ನೂರಾರು ಭಕ್ತರು ಸಮಾರಂಭದಲ್ಲಿ ಪಾಲ್ಗೊಂಡು ಧನ್ಯತೆ ಮೆರೆದರು.
ಸಂಜೀವಿನಿ ಕ್ಲಿನಿಕ್‌ಗೆ ಚಾಲನೆ
ಮಾಲೂರು: ಪಟ್ಟಣದಲ್ಲಿ ನೂತನವಾಗಿ ಸಂಜೀವಿನಿ ಕ್ಲಿನಿಕ್ ಅಂಡ್ ಸ್ಪೆಷಾಲಿಟಿ ಡಯಾಗ್ನೋಸ್ಟಿಕ್ ಸೆಂಟರ್ ಗೆ ಶಾಸಕ ಕೆ.ವೈ.ನಂಜೇಗೌಡ ಉದ್ಘಾಟಿಸಿದರು. ಪಟ್ಟಣಕ್ಕೆ ದಿನೇ ದಿನೇ ಬೆಳೆಯುತ್ತಿದ್ದು, ನಾಗರಿಕರಿಗೆ ಉತ್ತಮ ಆರೋಗ್ಯ ಸೇವೆ ಒದಗಿಸುವ ನಿಟ್ಟಿನಲ್ಲಿ ಈ ಕ್ಲಿನಿಕ್ ಪ್ರಾರಂಭಿಸಿರುವುದು ಶ್ಲಾಘನೀಯ. ಗ್ರಾಮೀಣ ಭಾಗದ ಜನತೆಗೆ ಕಡಿಮೆ ದರದಲ್ಲಿ ಗುಣಮಟ್ಟದ ಚಿಕಿತ್ಸೆ ದೊರೆಯುವಂತಾಗಬೇಕು ಎಂದು ಶಾಸಕರು ತಿಳಿಸಿದರು. ಪ್ರಯೋಗಾಲಯ, ಎಕ್ಸ್-ರೇ, ಸ್ಕ್ಯಾನಿಂಗ್ ಸೇರಿದಂತೆ ವಿವಿಧ ಸೌಲಭ್ಯಗಳು ಕ್ಲಿನಿಕ್‌ನಲ್ಲಿ ಲಭ್ಯವಿದೆ. ಕಾರ್ಯಕ್ರಮದಲ್ಲಿ ಪುರಸಭೆ ಅಧ್ಯಕ್ಷರು, ವೈದ್ಯರು, ಸ್ಥಳೀಯ ಮುಖಂಡರು ಸೇರಿದಂತೆ ಹಲವರು ಹಾಜರಿದ್ದರು.
ಪಟ್ಟಣದಲ್ಲಿ ನೂತನವಾಗಿ ಸಂಜೀವಿನಿ ಕ್ಲಿನಿಕ್ ಅಂಡ್ ಸ್ಪೆಷಾಲಿಟಿ ಡಯಾಗ್ನೋಸ್ಟಿಕ್ ಸೆಂಟರ್ ಗೆ ಶಾಸಕ ಕೆ.ವೈ.ನಂಜೇಗೌಡ ಉದ್ಘಾಟಿಸಿದರು. ಪಟ್ಟಣಕ್ಕೆ ದಿನೇ ದಿನೇ ಬೆಳೆಯುತ್ತಿದ್ದು, ನಾಗರಿಕರಿಗೆ ಉತ್ತಮ ಆರೋಗ್ಯ ಸೇವೆ ಒದಗಿಸುವ ನಿಟ್ಟಿನಲ್ಲಿ ಈ ಕ್ಲಿನಿಕ್ ಪ್ರಾರಂಭಿಸಿರುವುದು ಶ್ಲಾಘನೀಯ. ಗ್ರಾಮೀಣ ಭಾಗದ ಜನತೆಗೆ ಕಡಿಮೆ ದರದಲ್ಲಿ ಗುಣಮಟ್ಟದ ಚಿಕಿತ್ಸೆ ದೊರೆಯುವಂತಾಗಬೇಕು ಎಂದು ಶಾಸಕರು ತಿಳಿಸಿದರು. ಪ್ರಯೋಗಾಲಯ, ಎಕ್ಸ್-ರೇ, ಸ್ಕ್ಯಾನಿಂಗ್ ಸೇರಿದಂತೆ ವಿವಿಧ ಸೌಲಭ್ಯಗಳು ಕ್ಲಿನಿಕ್‌ನಲ್ಲಿ ಲಭ್ಯವಿದೆ. ಕಾರ್ಯಕ್ರಮದಲ್ಲಿ ಪುರಸಭೆ ಅಧ್ಯಕ್ಷರು, ವೈದ್ಯರು, ಸ್ಥಳೀಯ ಮುಖಂಡರು ಸೇರಿದಂತೆ ಹಲವರು ಹಾಜರಿದ್ದರು.
ಕರ್ನಾಟಕ ಅರಣ್ಯ ಇಲಾಖೆ
ಸುಲ್ತಾನ್ ಷರೀಫ್ ವೃತ್ತ, ಚಾಮರಾಜನಗರ - 571313
ದೂರವಾಣಿ: 08226-222059 E-mail: acf.nagara@gmail.com
ಸಹಾಯಕ ಅರಣ್ಯ ಸಂರಕ್ಷಣಾಧಿಕಾರಿಯವರ ಕಛೇರಿ,
ವನ್ಯಜೀವಿ ಉಪವಿಭಾಗ, ಚಾಮರಾಜನಗರ.
ಸಂಖ್ಯೆ: ಎ1/ಟೆಂಡರ್/ಜಿ.ಪಿ/ಟೆಂಡರ್/ಆರ್.ಆರ್-42/2024-25
ದಿನಾಂಕ: 04-10-2024
ಟೆಂಡರ್ ಪ್ರತಿ-ಪ್ರಕಟಣೆಗಾಗಿ
2024-25ನೇ ಸಾಲಿನ ಚಾಮರಾಜನಗರ ವನ್ಯಜೀವಿ ಉಪವಿಭಾಗ ವ್ಯಾಪ್ತಿಯಲ್ಲಿ ಬರುವ ವಿವಿಧ ವಲಯಗಳಲ್ಲಿ ಕಾಮಗಾರಿಗಳನ್ನು ನಿರ್ವಹಿಸಲು ಅರ್ಹ ಗುತ್ತಿಗೆದಾರರಿಂದ ಇ-ಸಂಗ್ರಹಣಾ ಮುಖಾಂತರ ಟೆಂಡರ್ ಆಹ್ವಾನಿಸಲಾಗಿದೆ. ಟೆಂಡರ್‌ನ ಪೂರ್ಣ ವಿವರಗಳನ್ನು (http://kppp.gov.in)ನಲ್ಲಿ ಪಡೆಯಬಹುದಾಗಿದೆ. ಹೆಚ್ಚಿನ ಮಾಹಿತಿಗಾಗಿ ಕಛೇರಿಯ ವೇಳೆಯಲ್ಲಿ ಈ ಕಛೇರಿಯನ್ನು ಸಂಪರ್ಕಿಸಬಹುದಾಗಿದೆ.
ಸಹಾಯಕ ಅರಣ್ಯ
ಸಂರಕ್ಷಣಾಧಿಕಾರಿ, ವನ್ಯಜೀವಿ
ಉಪವಿಭಾಗ, ಚಾಮರಾಜನಗರ.
ಸಂ:ವಾರ್ತಾ/ಜಾ.ಸಂ: 321/2024-25
ಬೆಂಗಳೂರು ಅಂತರಾಷ್ಟ್ರೀಯ ವಿಮಾನ ನಿಲ್ದಾಣ ಪ್ರದೇಶ ಯೋಜನಾ ಪ್ರಾಧಿಕಾರ, ದೇವನಹಳ್ಳಿ
ನಂ. 333/1, 1ನೇ ಮಹಡಿ, ಪಿ.ಜಿ. ಕಾಂಪ್ಲೆಕ್ಸ್, ಸೂಲಿಬೆಲೆ ರಸ್ತೆ, ದೇವನಹಳ್ಳಿ ಟೌನ್, ಬೆಂಗಳೂರು ಗ್ರಾಮಾಂತರ ಜಿಲ್ಲೆ-562 110.
ಸಂ: ಬಿಐಎಪಿಎ/ಟಿಪಿ/ಭೂಉಬ/71/2024-25/1602	ದಿನಾಂಕ : 07.10.2024
ಪ್ರಕಟಣೆ
ಕರ್ನಾಟಕ ನಗರ ಮತ್ತು ಗ್ರಾಮಾಂತರ ಯೋಜನಾ ಕಾಯ್ದೆ 1961 ರ ಕಲಂ 14 (ಎ) ರ ಅಡಿಯಲ್ಲಿ ಈ ಕೆಳಕಂಡ ಅರ್ಜಿದಾರರು ಪ್ರಾಧಿಕಾರದ ಮಹಾಯೋಜನೆಯಲ್ಲಿ ವ್ಯವಸಾಯ ವಲಯದಲ್ಲಿರುವ ಜಮೀನುಗಳನ್ನು ಭೂ ಉಪಯೋಗ ಬದಲಾವಣೆಗಾಗಿ ಅರ್ಜಿ ಸಲ್ಲಿಸಿರುತ್ತಾರೆ. ಈ ಬಗ್ಗೆ ಆಕ್ಷೇಪಣೆಗಳಿದ್ದಲ್ಲಿ ಪ್ರಕಟಣೆಯ 15 ದಿನಗಳೊಳಗಾಗಿ ಸಲ್ಲಿಸಬಹುದಾಗಿದೆ.
ಕ್ರ. ಸಂ	ಅರ್ಜಿದಾರರ ಹೆಸರು	ತಾಲ್ಲೂಕು	ಹೋಬಳಿ	ಗ್ರಾಮದ ಹೆಸರು	ಸರ್ವೆ ನಂ.	ವಿಸ್ತೀರ್ಣ (ಎ-ಗು)	ಮಹಾ ಯೋಜನೆಯ ಪ್ರಕಾರ ಭೂ ಉಪಯೋಗ	ಬದಲಾವಣೆಗೆ ಕೋರಿರುವ ಭೂ ಉಪಯೋಗ
1.	ಶ್ರೀ ವೆಂಕಟಪ್ಪ ಬಿನ್ ಲೇಟ್ ಚಿಕ್ಕವೆಂಕಟಪ್ಪ	ದೇವನಹಳ್ಳಿ	ಕುಂದಾಣ	ಕುಂದಾಣ	119/2	0-37.08 & ಖ 0-01	ವ್ಯವಸಾಯ	ವಸತಿ
2.	ಶ್ರೀಮತಿ ಕೆಂಪಮ್ಮ ಕೋಂ ಲೇಟ್ ಕೆ.ವಿ. ನಂಜುಂಡಪ್ಪ	ದೇವನಹಳ್ಳಿ	ಕುಂದಾಣ	ಕುಂದಾಣ	120/2	2-23	ವ್ಯವಸಾಯ	ವಸತಿ
3.	ಶ್ರೀ ಶಾಂತಕುಮಾರ್ ಬಿನ್ ಲೇಟ್ ವೆಂಕಟೇಶಪ್ಪ	ದೇವನಹಳ್ಳಿ	ಕುಂದಾಣ	ಕುಂದಾಣ	120/3	0-36	ವ್ಯವಸಾಯ	ವಸತಿ
4.	ಶ್ರೀ ಶಾಂತಕುಮಾರ್ ಬಿನ್ ಲೇಟ್ ವೆಂಕಟೇಶಪ್ಪ	ದೇವನಹಳ್ಳಿ	ಕುಂದಾಣ	ಕುಂದಾಣ	129/1	0-13	ವ್ಯವಸಾಯ	ವಸತಿ
5.	ಶ್ರೀಮತಿ ಕೆಂಪಮ್ಮ ಕೋಂ ವೆಂಕಟಪ್ಪ	ದೇವನಹಳ್ಳಿ	ಕುಂದಾಣ	ಕುಂದಾಣ	129/2	0-35	ವ್ಯವಸಾಯ	ವಸತಿ
6.	ಶ್ರೀಮತಿ ಕವಿತಾ ಕೋಂ ವೆಂಕಟೇಶ್	ದೇವನಹಳ್ಳಿ	ಕುಂದಾಣ	ಕುಂದಾಣ	129/3	1-17	ವ್ಯವಸಾಯ	ವಸತಿ
7.	ಶ್ರೀ ಶಾಂತಕುಮಾರ್ ಬಿನ್ ಲೇಟ್ ವೆಂಕಟೇಶಪ್ಪ	ದೇವನಹಳ್ಳಿ	ಕುಂದಾಣ	ಕುಂದಾಣ	129/4	0-36	ವ್ಯವಸಾಯ	ವಸತಿ
8.	ಶ್ರೀ ಶಾಂತಕುಮಾರ್ ಬಿನ್ ಲೇಟ್ ವೆಂಕಟೇಶಪ್ಪ	ದೇವನಹಳ್ಳಿ	ಕುಂದಾಣ	ಕುಂದಾಣ	129/5	0-35	ವ್ಯವಸಾಯ	ವಸತಿ
9.	ಶ್ರೀಮತಿ ಕವಿತಾ ಕೋಂ ವೆಂಕಟೇಶ್	ದೇವನಹಳ್ಳಿ	ಕುಂದಾಣ	ಕುಂದಾಣ	129/6	0-33	ವ್ಯವಸಾಯ	ವಸತಿ
10.	ಶ್ರೀ ಪಿ.ಎಂ ವೆಂಕಟೇಶಪ್ಪ ಬಿನ್ ಲೇಟ್ ಮುನಿಸ್ವಾಮಿ	ದೇವನಹಳ್ಳಿ	ಕುಂದಾಣ	ಕುಂದಾಣ	132/3	0-21	ವ್ಯವಸಾಯ	ವಸತಿ
11.	ಶ್ರೀಮತಿ ಮುನಿರತ್ನಮ್ಮ ಬಿನ್ ಸುಬ್ಬಣ್ಣ	ದೇವನಹಳ್ಳಿ	ಕುಂದಾಣ	ಕುಂದಾಣ	132/4	0-20	ವ್ಯವಸಾಯ	ವಸತಿ
12.	ಶ್ರೀ ಪಿಳ್ಳಪ್ಪ ಬಿನ್ ಸುಬ್ಬಣ್ಣ	ದೇವನಹಳ್ಳಿ	ಕುಂದಾಣ	ಕುಂದಾಣ	132/5	0-20	ವ್ಯವಸಾಯ	ವಸತಿ
13.	ಶ್ರೀಮತಿ ಮುನಿಯಮ್ಮ ಬಿನ್ ಸುಬ್ಬಣ್ಣ	ದೇವನಹಳ್ಳಿ	ಕುಂದಾಣ	ಕುಂದಾಣ	132/6	0-05	ವ್ಯವಸಾಯ	ವಸತಿ
14.	ಶ್ರೀಮತಿ ಚಿಕ್ಕಮ್ಮ ಬಿನ್ ಸುಬ್ಬಣ್ಣ	ದೇವನಹಳ್ಳಿ	ಕುಂದಾಣ	ಕುಂದಾಣ	132/7	0-05	ವ್ಯವಸಾಯ	ವಸತಿ
15.	ಶ್ರೀ ರಾಮಾಂಜಿನಪ್ಪ ಬಿನ್ ಸುಬ್ಬಣ್ಣ	ದೇವನಹಳ್ಳಿ	ಕುಂದಾಣ	ಕುಂದಾಣ	132/8	0-05	ವ್ಯವಸಾಯ	ವಸತಿ
ಸೂಚನೆ:- ಪ್ರಾಧಿಕಾರದಿಂದ ಅರ್ಜಿದಾರರ ಪ್ರಸ್ತಾವನೆಯನ್ನು ಪರಿಶೀಲಿಸಿ ಭೂ ಉಪಯೋಗ ಬದಲಾವಣೆಗೆ ಸರ್ಕಾರಕ್ಕೆ ಶಿಫಾರಸ್ಸು ಮಾಡಲಾಗುವುದು. ಸರ್ಕಾರದ ಅನುಮೋದನೆಯ ನಂತರವೇ ಜಾರಿಗೆ ಬರಲಿದೆ.
ಸಹಿ/- ನಗರ ಮತ್ತು ಗ್ರಾಮಾಂತರ ಯೋಜನಾ ಜಂಟಿ ನಿರ್ದೇಶಕರು ಹಾಗೂ ಸದಸ್ಯ ಕಾರ್ಯದರ್ಶಿಗಳು, ಬಿ.ಐ.ಎ.ಪಿ.ಪಿ.ಎ, ದೇವನಹಳ್ಳಿ
ವಾ.ಸಂ:ಸಂ/ವಾವ/2423/2024-25
ಬೆಂಗಳೂರು ಅಂತರಾಷ್ಟ್ರೀಯ ವಿಮಾನ ನಿಲ್ದಾಣ ಪ್ರದೇಶ ಯೋಜನಾ ಪ್ರಾಧಿಕಾರ, ದೇವನಹಳ್ಳಿ
ನಂ. 333/1, 1ನೇ ಮಹಡಿ, ಪಿ.ಜಿ. ಕಾಂಪ್ಲೆಕ್ಸ್, ಸೂಲಿಬೆಲೆ ರಸ್ತೆ, ದೇವನಹಳ್ಳಿ ಟೌನ್, ಬೆಂಗಳೂರು ಗ್ರಾಮಾಂತರ ಜಿಲ್ಲೆ-562 110.
ಸಂ: ಬಿಐಎಪಿಎ/ಟಿಪಿ/ಭೂಉಬ/35/2024-25/1605	ದಿನಾಂಕ: 04.10.2024
ಪ್ರಕಟಣೆ
ಕರ್ನಾಟಕ ನಗರ ಮತ್ತು ಗ್ರಾಮಾಂತರ ಯೋಜನಾ ಕಾಯ್ದೆ 1961 ರ ಕಲಂ 14 (ಎ) ರ ಅಡಿಯಲ್ಲಿ ಈ ಕೆಳಕಂಡ ಅರ್ಜಿದಾರರು ಪ್ರಾಧಿಕಾರದ ಮಹಾಯೋಜನೆಯಲ್ಲಿ ವ್ಯವಸಾಯ ಉಪಯೋಗಕ್ಕೆ ಮೀಸಲಾಗಿರುವ ಜಮೀನುಗಳನ್ನು ಭೂ ಉಪಯೋಗ ಬದಲಾವಣೆಗಾಗಿ ಅರ್ಜಿ ಸಲ್ಲಿಸಿರುತ್ತಾರೆ. ಸದರಿ ಭೂ ಉಪಯೋಗ ಬದಲಾವಣೆಗೆ ಸಂಬಂಧಿಸಿದಂತೆ ಸಾರ್ವಜನಿಕರಿಂದ ಆಕ್ಷೇಪಣೆಗಳನ್ನು ಆಹ್ವಾನಿಸಲಾಗಿದೆ. ಆಕ್ಷೇಪಣೆಗಳಿದ್ದಲ್ಲಿ ಈ ಪ್ರಕಟಣೆ ಪ್ರಕಟವಾದ 15 ದಿನಗಳೊಳಗಾಗಿ ಲಿಖಿತವಾಗಿ ಸದಸ್ಯ ಕಾರ್ಯದರ್ಶಿಗಳು, ಬೆಂಗಳೂರು ಅಂತರಾಷ್ಟ್ರೀಯ ವಿಮಾನ ನಿಲ್ದಾಣ ಪ್ರದೇಶ ಯೋಜನಾ ಪ್ರಾಧಿಕಾರ, ದೇವನಹಳ್ಳಿ ಇವರಿಗೆ ಸಲ್ಲಿಸಬಹುದಾಗಿದೆ.
ಕ್ರ.ಸಂ.	ಅರ್ಜಿದಾರರ ಹೆಸರು	ತಾಲ್ಲೂಕು	ಹೋಬಳಿ	ಗ್ರಾಮದ ಹೆಸರು	ಸರ್ವೆ ನಂ.	ವಿಸ್ತೀರ್ಣ ಎ-ಗು	ಮಹಾ ಯೋಜನೆಯ ಪ್ರಕಾರ ಭೂ ಉಪಯೋಗ	ಬದಲಾವಣೆಗೆ ಕೋರಿರುವ ಭೂ ಉಪಯೋಗ
1	ಶ್ರೀ ಜಿ.ಆರ್ ದೀಪಕ್, ಶ್ರೀ ಎಂ ದಿಲೀಪ್	ದೇವನಹಳ್ಳಿ	ಕುಂದಾಣ	ಆಲೂರುದುದ್ದನಹಳ್ಳಿ	55/1	0-38	ವ್ಯವಸಾಯ	ವಸತಿ
2	ಶ್ರೀ ಆರ್ ಪ್ರದೀಪ್ ಕುಮಾರ್	ದೇವನಹಳ್ಳಿ	ಕುಂದಾಣ	ಆಲೂರುದುದ್ದನಹಳ್ಳಿ	55/2	0-19	ವ್ಯವಸಾಯ	ವಸತಿ
ಸೂಚನೆ:- ಪ್ರಾಧಿಕಾರದಿಂದ ಅರ್ಜಿದಾರರ ಪ್ರಸ್ತಾವನೆಯನ್ನು ಪರಿಶೀಲಿಸಿ ಭೂ ಉಪಯೋಗ ಬದಲಾವಣೆಗೆ ಸರ್ಕಾರಕ್ಕೆ ಶಿಫಾರಸ್ಸು ಮಾಡಲಾಗುವುದು. ಸರ್ಕಾರದ ಅನುಮೋದನೆಯ ನಂತರವೇ ಭೂ ಉಪಯೋಗ ಬದಲಾವಣೆ ಜಾರಿಗೆ ಬರಲಿದೆ. ಈ ಪ್ರಕಟಣೆಯು ಅರ್ಜಿದಾರರಿಗೆ ಯಾವುದೇ ಹಕ್ಕನ್ನು ನೀಡುವುದಿಲ್ಲ.
ಸಹಿ/- ನಗರ ಮತ್ತು ಗ್ರಾಮಾಂತರ ಯೋಜನಾ ಜಂಟಿ ನಿರ್ದೇಶಕರು ಹಾಗೂ ಸದಸ್ಯ ಕಾರ್ಯದರ್ಶಿಗಳು, ಬಿ.ಐ.ಎ.ಪಿ.ಪಿ.ಎ, ದೇವನಹಳ್ಳಿ
ವಾ.ಸಂ:ಸಂ/ವಾವ/ಜಾ.ಸಂ/2420/2024-25
